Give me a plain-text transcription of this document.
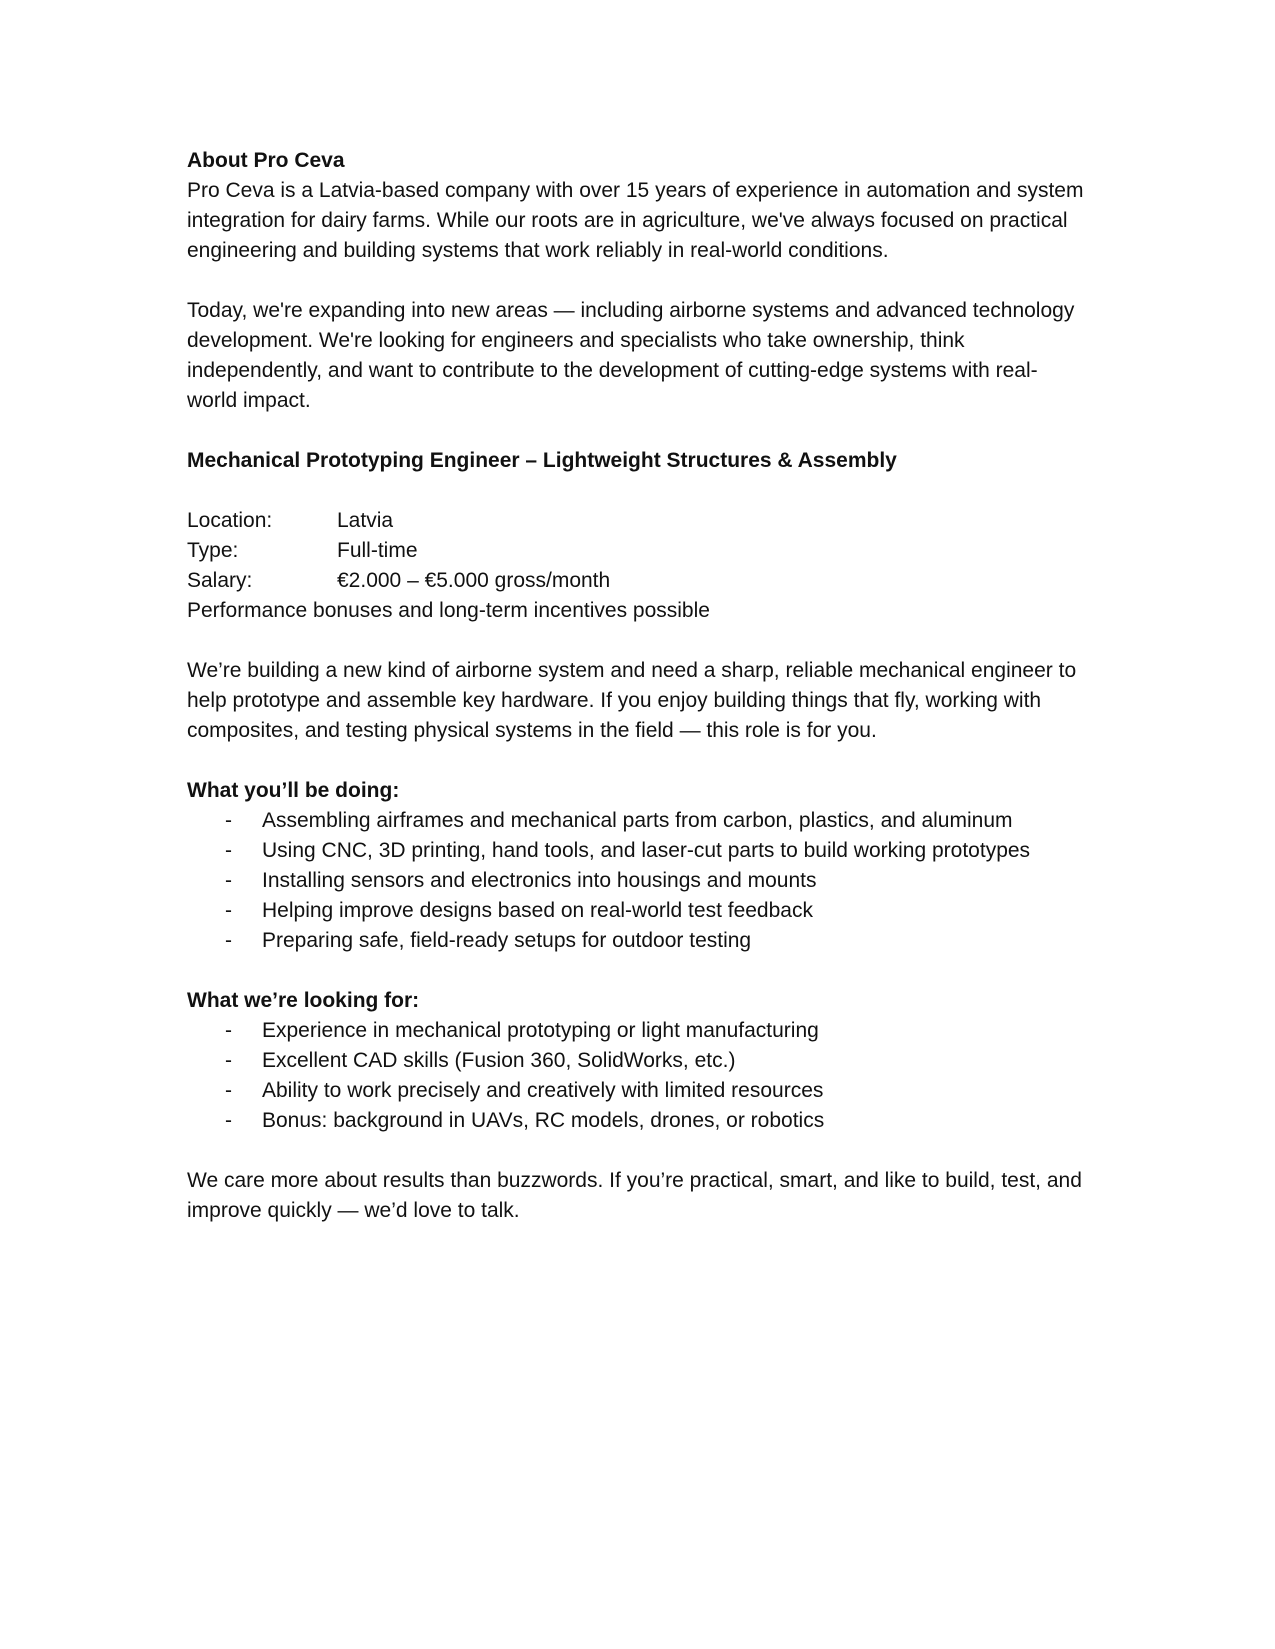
About Pro Ceva

Pro Ceva is a Latvia-based company with over 15 years of experience in automation and system integration for dairy farms. While our roots are in agriculture, we've always focused on practical engineering and building systems that work reliably in real-world conditions.

Today, we're expanding into new areas — including airborne systems and advanced technology development. We're looking for engineers and specialists who take ownership, think independently, and want to contribute to the development of cutting-edge systems with real-world impact.

Mechanical Prototyping Engineer – Lightweight Structures & Assembly

Location:	Latvia
Type:	Full-time
Salary:	€2.000 – €5.000 gross/month

Performance bonuses and long-term incentives possible

We’re building a new kind of airborne system and need a sharp, reliable mechanical engineer to help prototype and assemble key hardware. If you enjoy building things that fly, working with composites, and testing physical systems in the field — this role is for you.

What you’ll be doing:

-	Assembling airframes and mechanical parts from carbon, plastics, and aluminum
-	Using CNC, 3D printing, hand tools, and laser-cut parts to build working prototypes
-	Installing sensors and electronics into housings and mounts
-	Helping improve designs based on real-world test feedback
-	Preparing safe, field-ready setups for outdoor testing

What we’re looking for:

-	Experience in mechanical prototyping or light manufacturing
-	Excellent CAD skills (Fusion 360, SolidWorks, etc.)
-	Ability to work precisely and creatively with limited resources
-	Bonus: background in UAVs, RC models, drones, or robotics

We care more about results than buzzwords. If you’re practical, smart, and like to build, test, and improve quickly — we’d love to talk.
